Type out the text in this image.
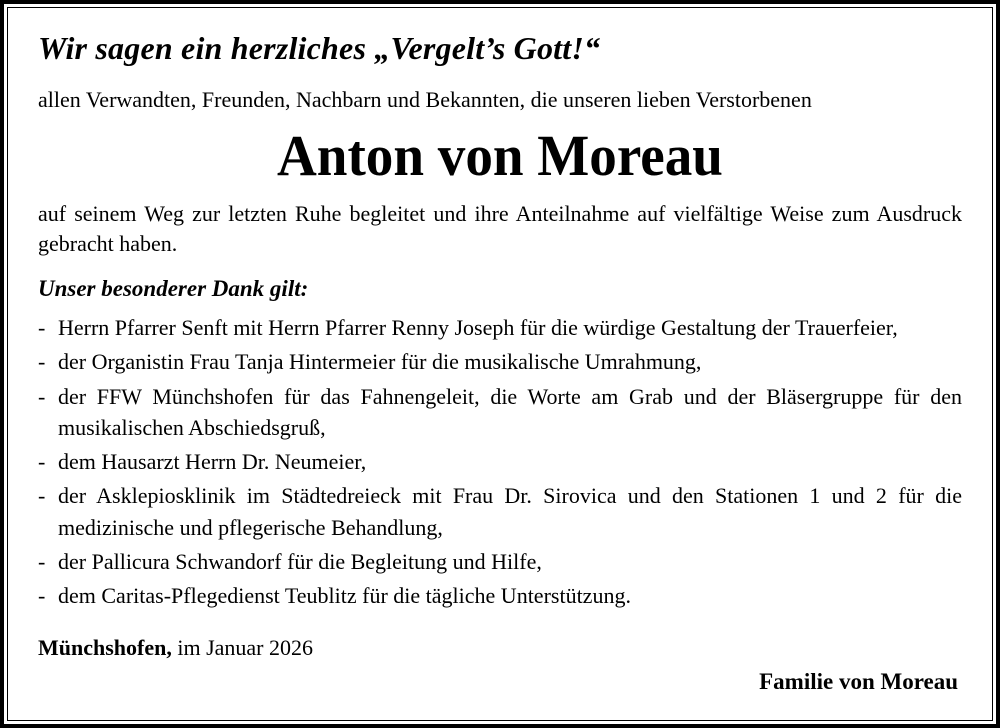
Wir sagen ein herzliches „Vergelt’s Gott!“

allen Verwandten, Freunden, Nachbarn und Bekannten, die unseren lieben Verstorbenen

Anton von Moreau

auf seinem Weg zur letzten Ruhe begleitet und ihre Anteilnahme auf vielfältige Weise zum Ausdruck gebracht haben.

Unser besonderer Dank gilt:
- Herrn Pfarrer Senft mit Herrn Pfarrer Renny Joseph für die würdige Gestaltung der Trauerfeier,
- der Organistin Frau Tanja Hintermeier für die musikalische Umrahmung,
- der FFW Münchshofen für das Fahnengeleit, die Worte am Grab und der Bläsergruppe für den musikalischen Abschiedsgruß,
- dem Hausarzt Herrn Dr. Neumeier,
- der Asklepiosklinik im Städtedreieck mit Frau Dr. Sirovica und den Stationen 1 und 2 für die medizinische und pflegerische Behandlung,
- der Pallicura Schwandorf für die Begleitung und Hilfe,
- dem Caritas-Pflegedienst Teublitz für die tägliche Unterstützung.
Münchshofen, im Januar 2026
Familie von Moreau
